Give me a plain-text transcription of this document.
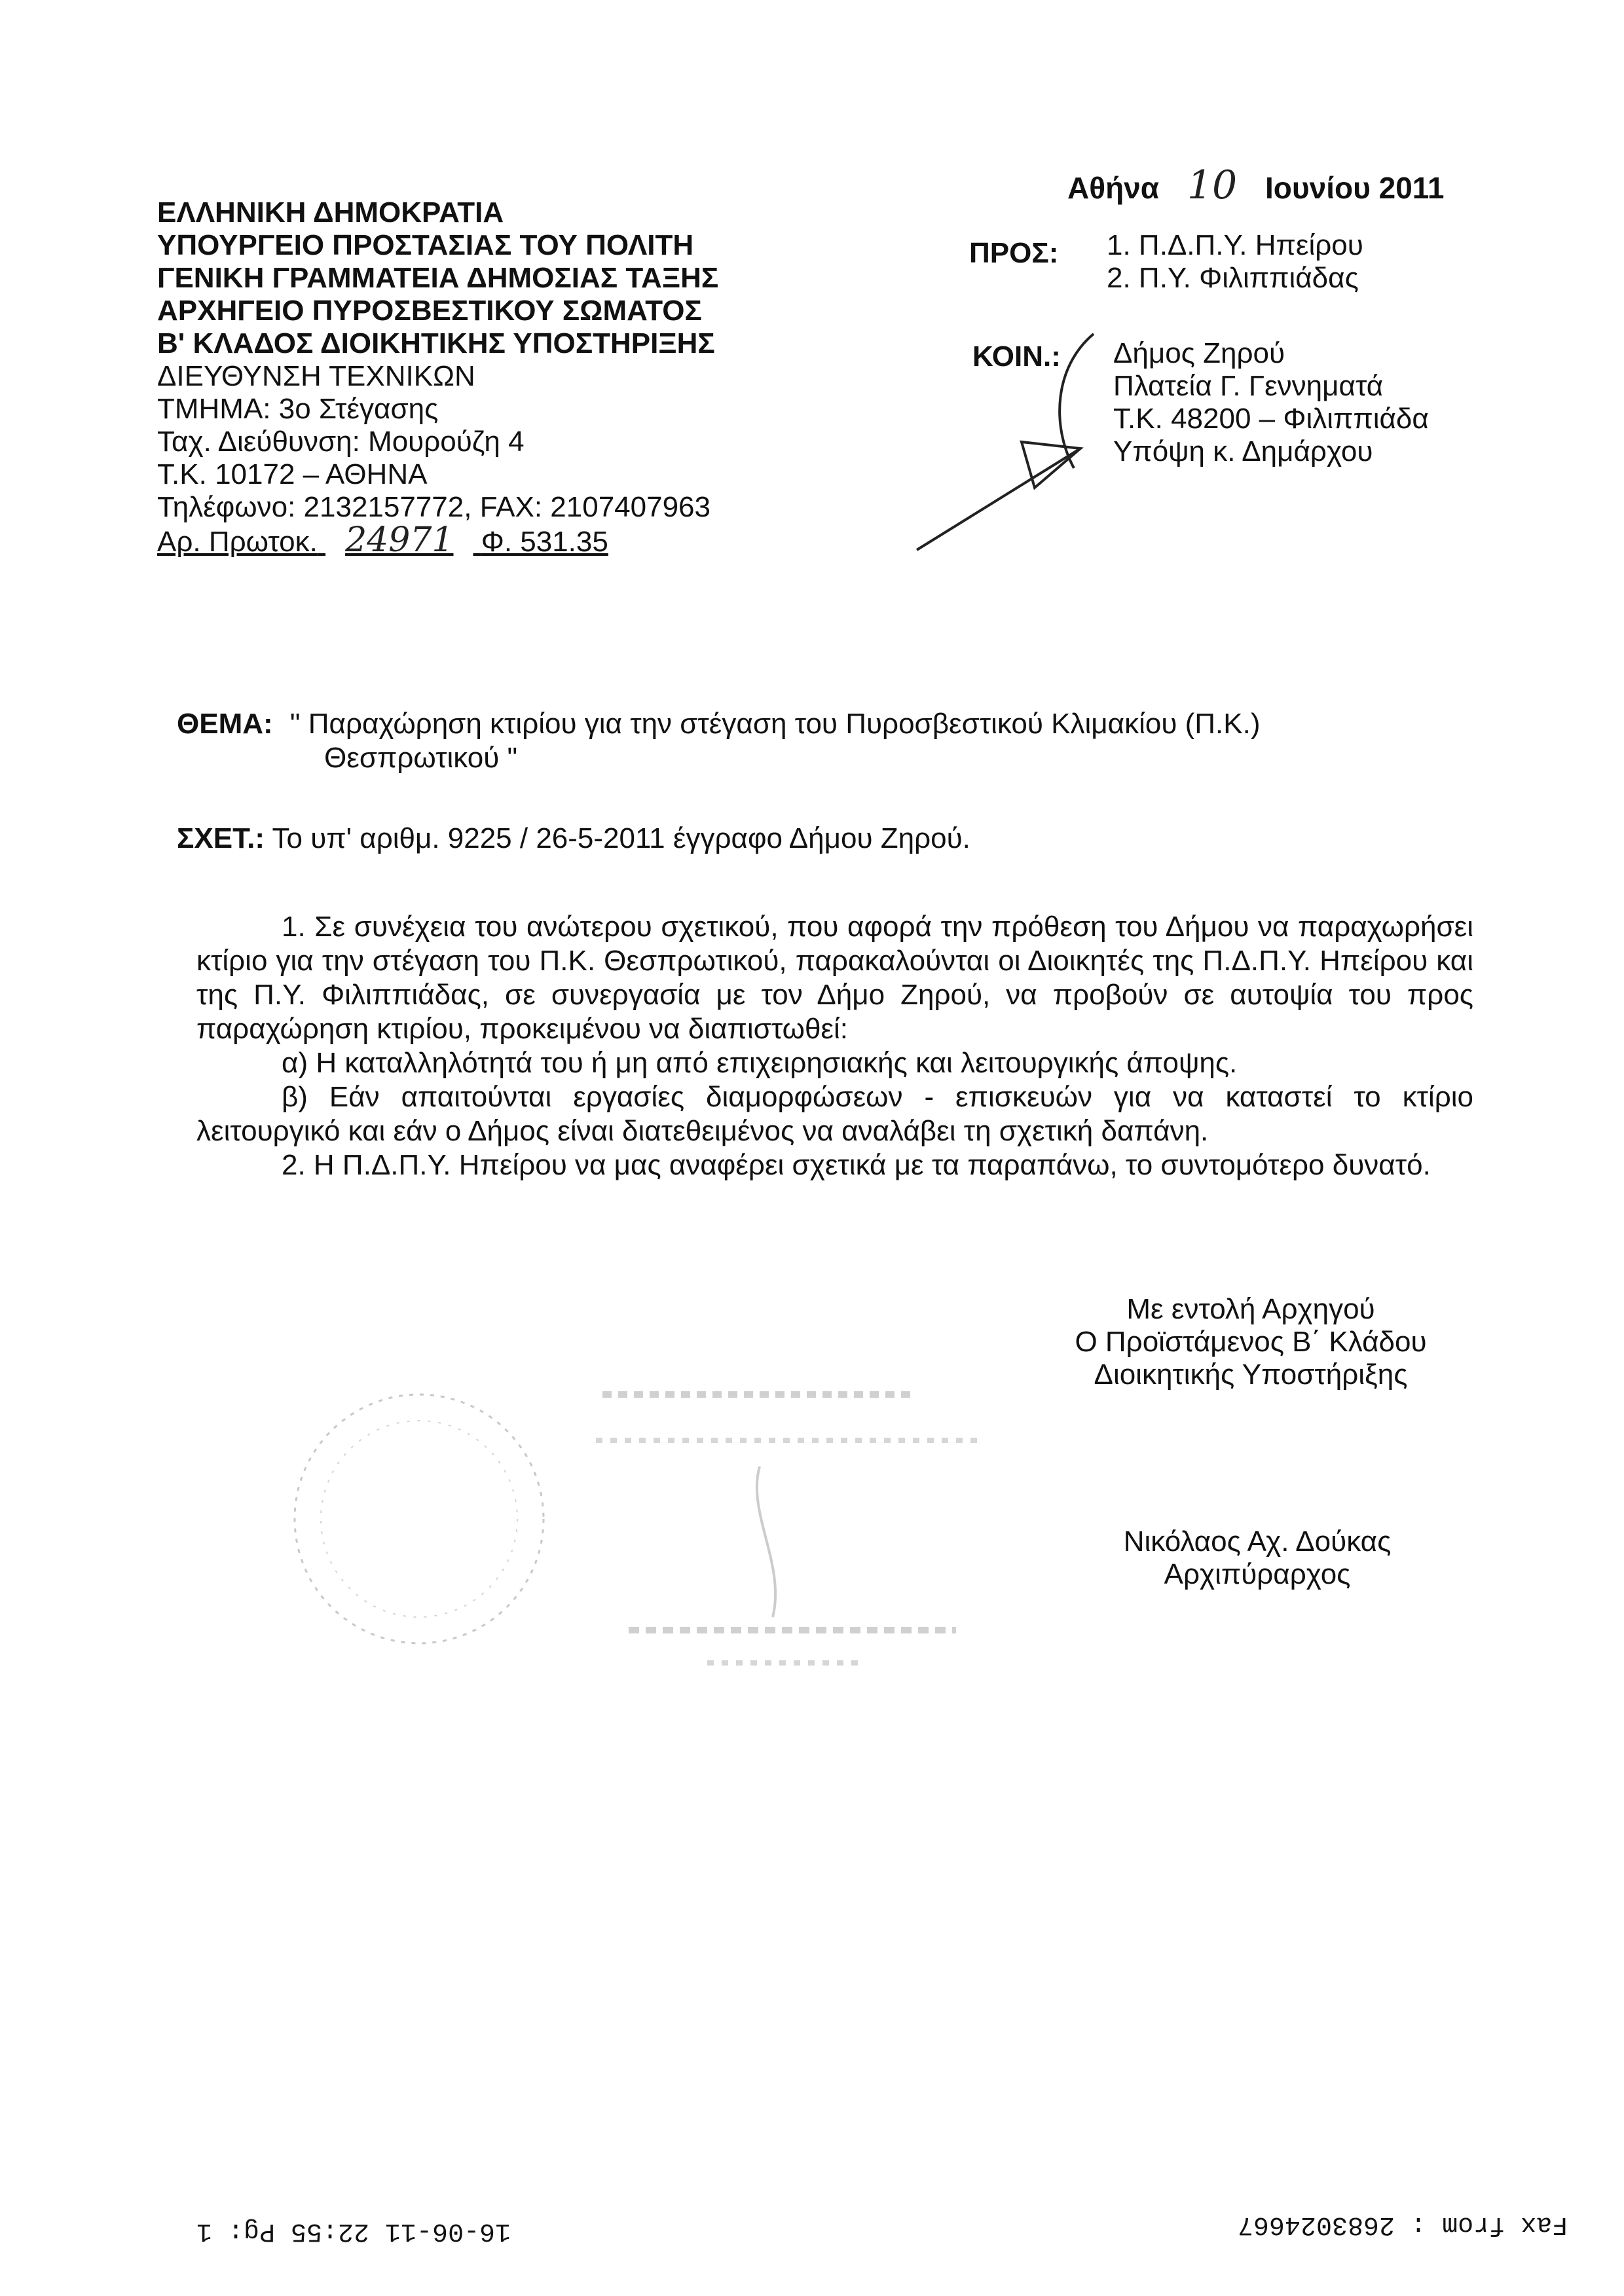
ΕΛΛΗΝΙΚΗ ΔΗΜΟΚΡΑΤΙΑ
ΥΠΟΥΡΓΕΙΟ ΠΡΟΣΤΑΣΙΑΣ ΤΟΥ ΠΟΛΙΤΗ
ΓΕΝΙΚΗ ΓΡΑΜΜΑΤΕΙΑ ΔΗΜΟΣΙΑΣ ΤΑΞΗΣ
ΑΡΧΗΓΕΙΟ ΠΥΡΟΣΒΕΣΤΙΚΟΥ ΣΩΜΑΤΟΣ
Β' ΚΛΑΔΟΣ ΔΙΟΙΚΗΤΙΚΗΣ ΥΠΟΣΤΗΡΙΞΗΣ
ΔΙΕΥΘΥΝΣΗ ΤΕΧΝΙΚΩΝ
ΤΜΗΜΑ: 3ο Στέγασης
Ταχ. Διεύθυνση: Μουρούζη 4
Τ.Κ. 10172 – ΑΘΗΝΑ
Τηλέφωνο: 2132157772, FAX: 2107407963
Αρ. Πρωτοκ. 24971 Φ. 531.35
Αθήνα 10 Ιουνίου 2011
ΠΡΟΣ: 1. Π.Δ.Π.Υ. Ηπείρου
2. Π.Υ. Φιλιππιάδας
ΚΟΙΝ.: Δήμος Ζηρού
Πλατεία Γ. Γεννηματά
Τ.Κ. 48200 – Φιλιππιάδα
Υπόψη κ. Δημάρχου
ΘΕΜΑ: " Παραχώρηση κτιρίου για την στέγαση του Πυροσβεστικού Κλιμακίου (Π.Κ.)
Θεσπρωτικού "
ΣΧΕΤ.: Το υπ' αριθμ. 9225 / 26-5-2011 έγγραφο Δήμου Ζηρού.
1. Σε συνέχεια του ανώτερου σχετικού, που αφορά την πρόθεση του Δήμου να παραχωρήσει κτίριο για την στέγαση του Π.Κ. Θεσπρωτικού, παρακαλούνται οι Διοικητές της Π.Δ.Π.Υ. Ηπείρου και της Π.Υ. Φιλιππιάδας, σε συνεργασία με τον Δήμο Ζηρού, να προβούν σε αυτοψία του προς παραχώρηση κτιρίου, προκειμένου να διαπιστωθεί:
α) Η καταλληλότητά του ή μη από επιχειρησιακής και λειτουργικής άποψης.
β) Εάν απαιτούνται εργασίες διαμορφώσεων - επισκευών για να καταστεί το κτίριο λειτουργικό και εάν ο Δήμος είναι διατεθειμένος να αναλάβει τη σχετική δαπάνη.
2. Η Π.Δ.Π.Υ. Ηπείρου να μας αναφέρει σχετικά με τα παραπάνω, το συντομότερο δυνατό.
Με εντολή Αρχηγού
Ο Προϊστάμενος Β΄ Κλάδου
Διοικητικής Υποστήριξης
Νικόλαος Αχ. Δούκας
Αρχιπύραρχος
16-06-11 22:55 Pg: 1	Fax from : 2683024667
